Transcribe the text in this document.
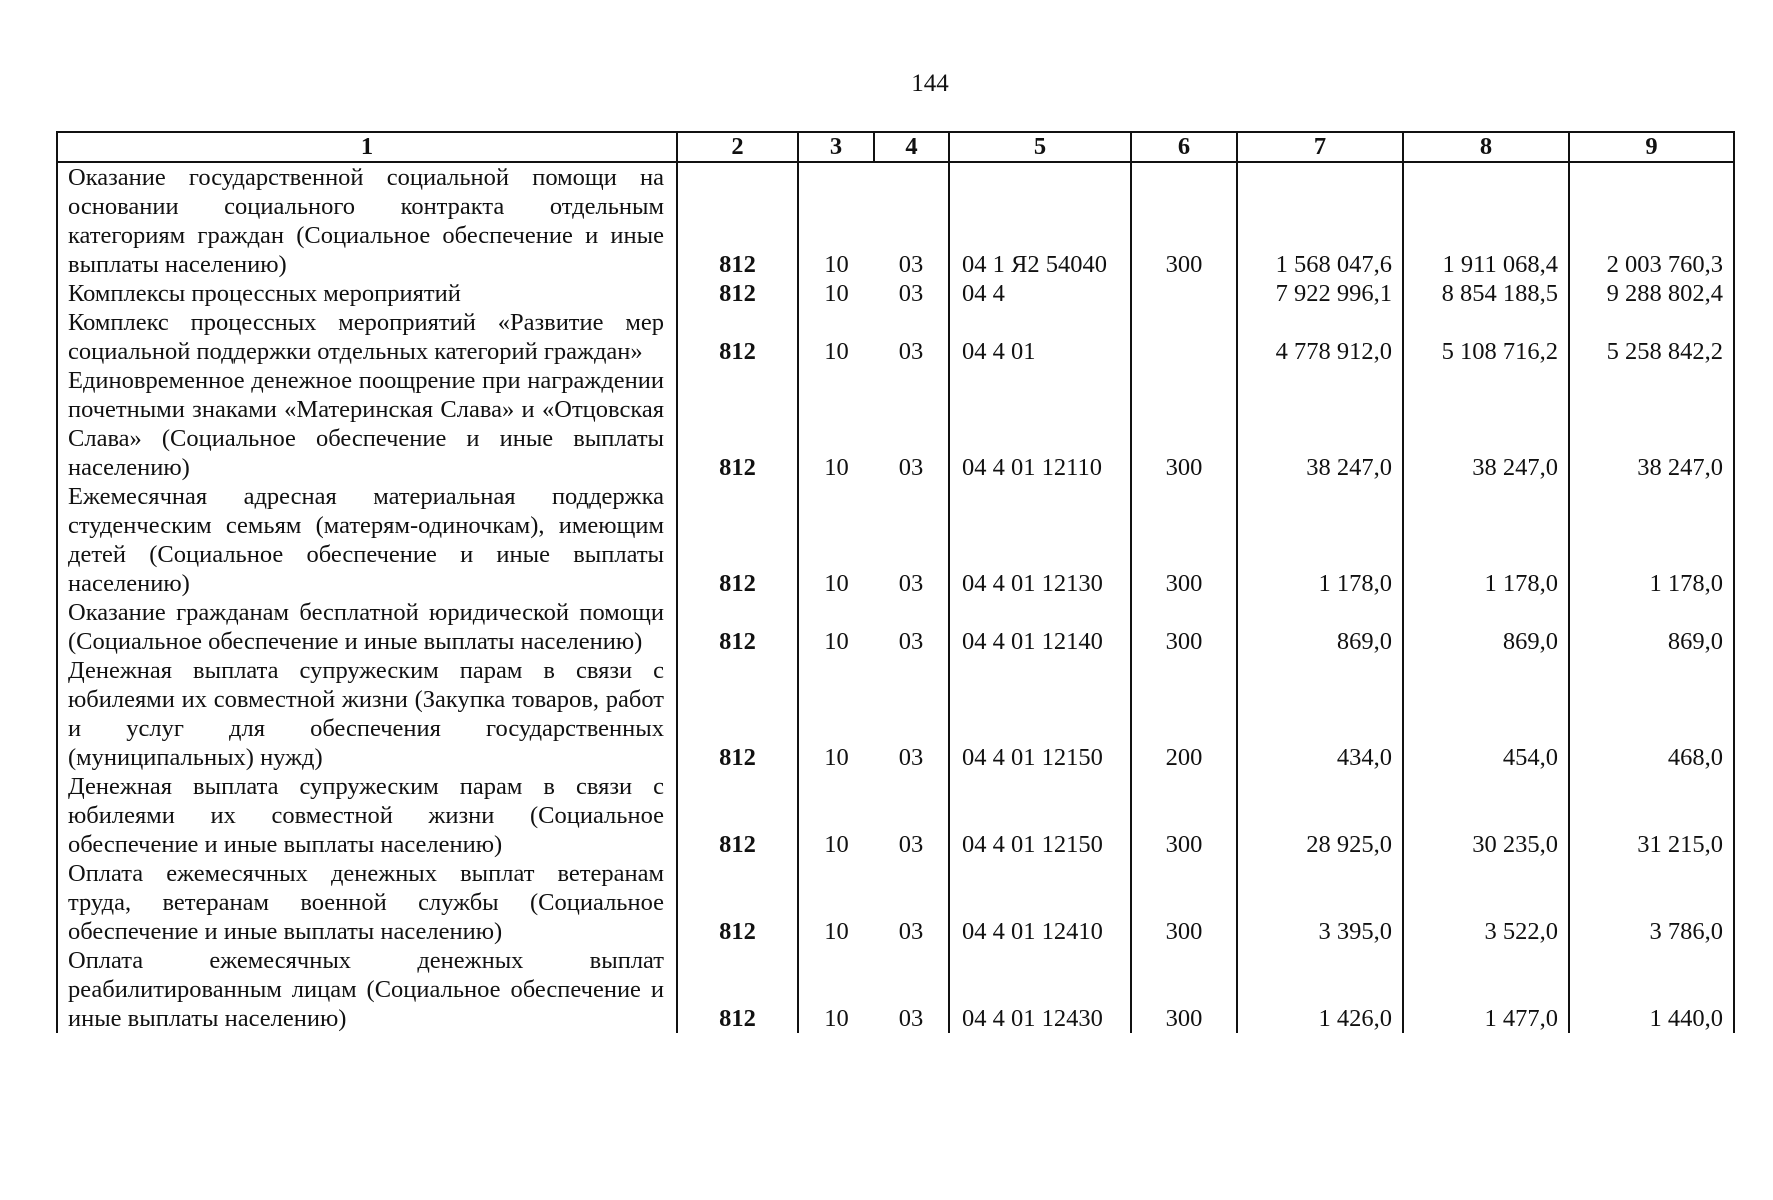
144
1	2	3	4	5	6	7	8	9
Оказание государственной социальной помощи на основании социального контракта отдельным категориям граждан (Социальное обеспечение и иные выплаты населению)	812	10	03	04 1 Я2 54040	300	1 568 047,6	1 911 068,4	2 003 760,3
Комплексы процессных мероприятий	812	10	03	04 4		7 922 996,1	8 854 188,5	9 288 802,4
Комплекс процессных мероприятий «Развитие мер социальной поддержки отдельных категорий граждан»	812	10	03	04 4 01		4 778 912,0	5 108 716,2	5 258 842,2
Единовременное денежное поощрение при награждении почетными знаками «Материнская Слава» и «Отцовская Слава» (Социальное обеспечение и иные выплаты населению)	812	10	03	04 4 01 12110	300	38 247,0	38 247,0	38 247,0
Ежемесячная адресная материальная поддержка студенческим семьям (матерям-одиночкам), имеющим детей (Социальное обеспечение и иные выплаты населению)	812	10	03	04 4 01 12130	300	1 178,0	1 178,0	1 178,0
Оказание гражданам бесплатной юридической помощи (Социальное обеспечение и иные выплаты населению)	812	10	03	04 4 01 12140	300	869,0	869,0	869,0
Денежная выплата супружеским парам в связи с юбилеями их совместной жизни (Закупка товаров, работ и услуг для обеспечения государственных (муниципальных) нужд)	812	10	03	04 4 01 12150	200	434,0	454,0	468,0
Денежная выплата супружеским парам в связи с юбилеями их совместной жизни (Социальное обеспечение и иные выплаты населению)	812	10	03	04 4 01 12150	300	28 925,0	30 235,0	31 215,0
Оплата ежемесячных денежных выплат ветеранам труда, ветеранам военной службы (Социальное обеспечение и иные выплаты населению)	812	10	03	04 4 01 12410	300	3 395,0	3 522,0	3 786,0
Оплата ежемесячных денежных выплат реабилитированным лицам (Социальное обеспечение и иные выплаты населению)	812	10	03	04 4 01 12430	300	1 426,0	1 477,0	1 440,0
